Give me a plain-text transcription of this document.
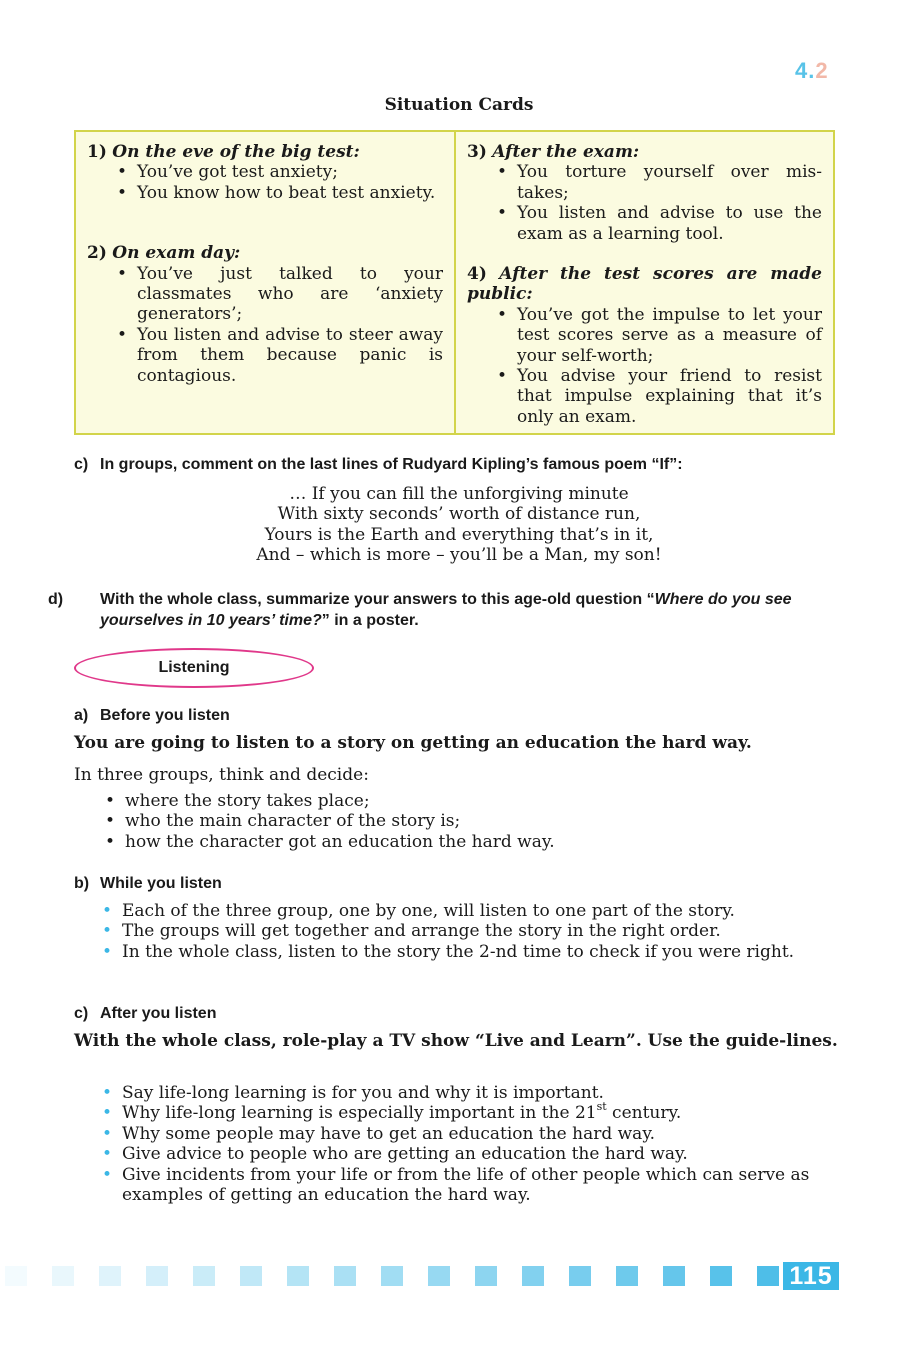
4.2
Situation Cards
1) On the eve of the big test:
• You’ve got test anxiety;
• You know how to beat test anxiety.
2) On exam day:
• You’ve just talked to your classmates who are ‘anxiety generators’;
• You listen and advise to steer away from them because panic is contagious.
3) After the exam:
• You torture yourself over mis-takes;
• You listen and advise to use the exam as a learning tool.
4) After the test scores are made public:
• You’ve got the impulse to let your test scores serve as a measure of your self-worth;
• You advise your friend to resist that impulse explaining that it’s only an exam.
c) In groups, comment on the last lines of Rudyard Kipling’s famous poem “If”:
… If you can fill the unforgiving minute
With sixty seconds’ worth of distance run,
Yours is the Earth and everything that’s in it,
And – which is more – you’ll be a Man, my son!
d) With the whole class, summarize your answers to this age-old question “Where do you see yourselves in 10 years’ time?” in a poster.
Listening
a) Before you listen
You are going to listen to a story on getting an education the hard way.
In three groups, think and decide:
• where the story takes place;
• who the main character of the story is;
• how the character got an education the hard way.
b) While you listen
• Each of the three group, one by one, will listen to one part of the story.
• The groups will get together and arrange the story in the right order.
• In the whole class, listen to the story the 2-nd time to check if you were right.
c) After you listen
With the whole class, role-play a TV show “Live and Learn”. Use the guide-lines.
• Say life-long learning is for you and why it is important.
• Why life-long learning is especially important in the 21st century.
• Why some people may have to get an education the hard way.
• Give advice to people who are getting an education the hard way.
• Give incidents from your life or from the life of other people which can serve as examples of getting an education the hard way.
115
